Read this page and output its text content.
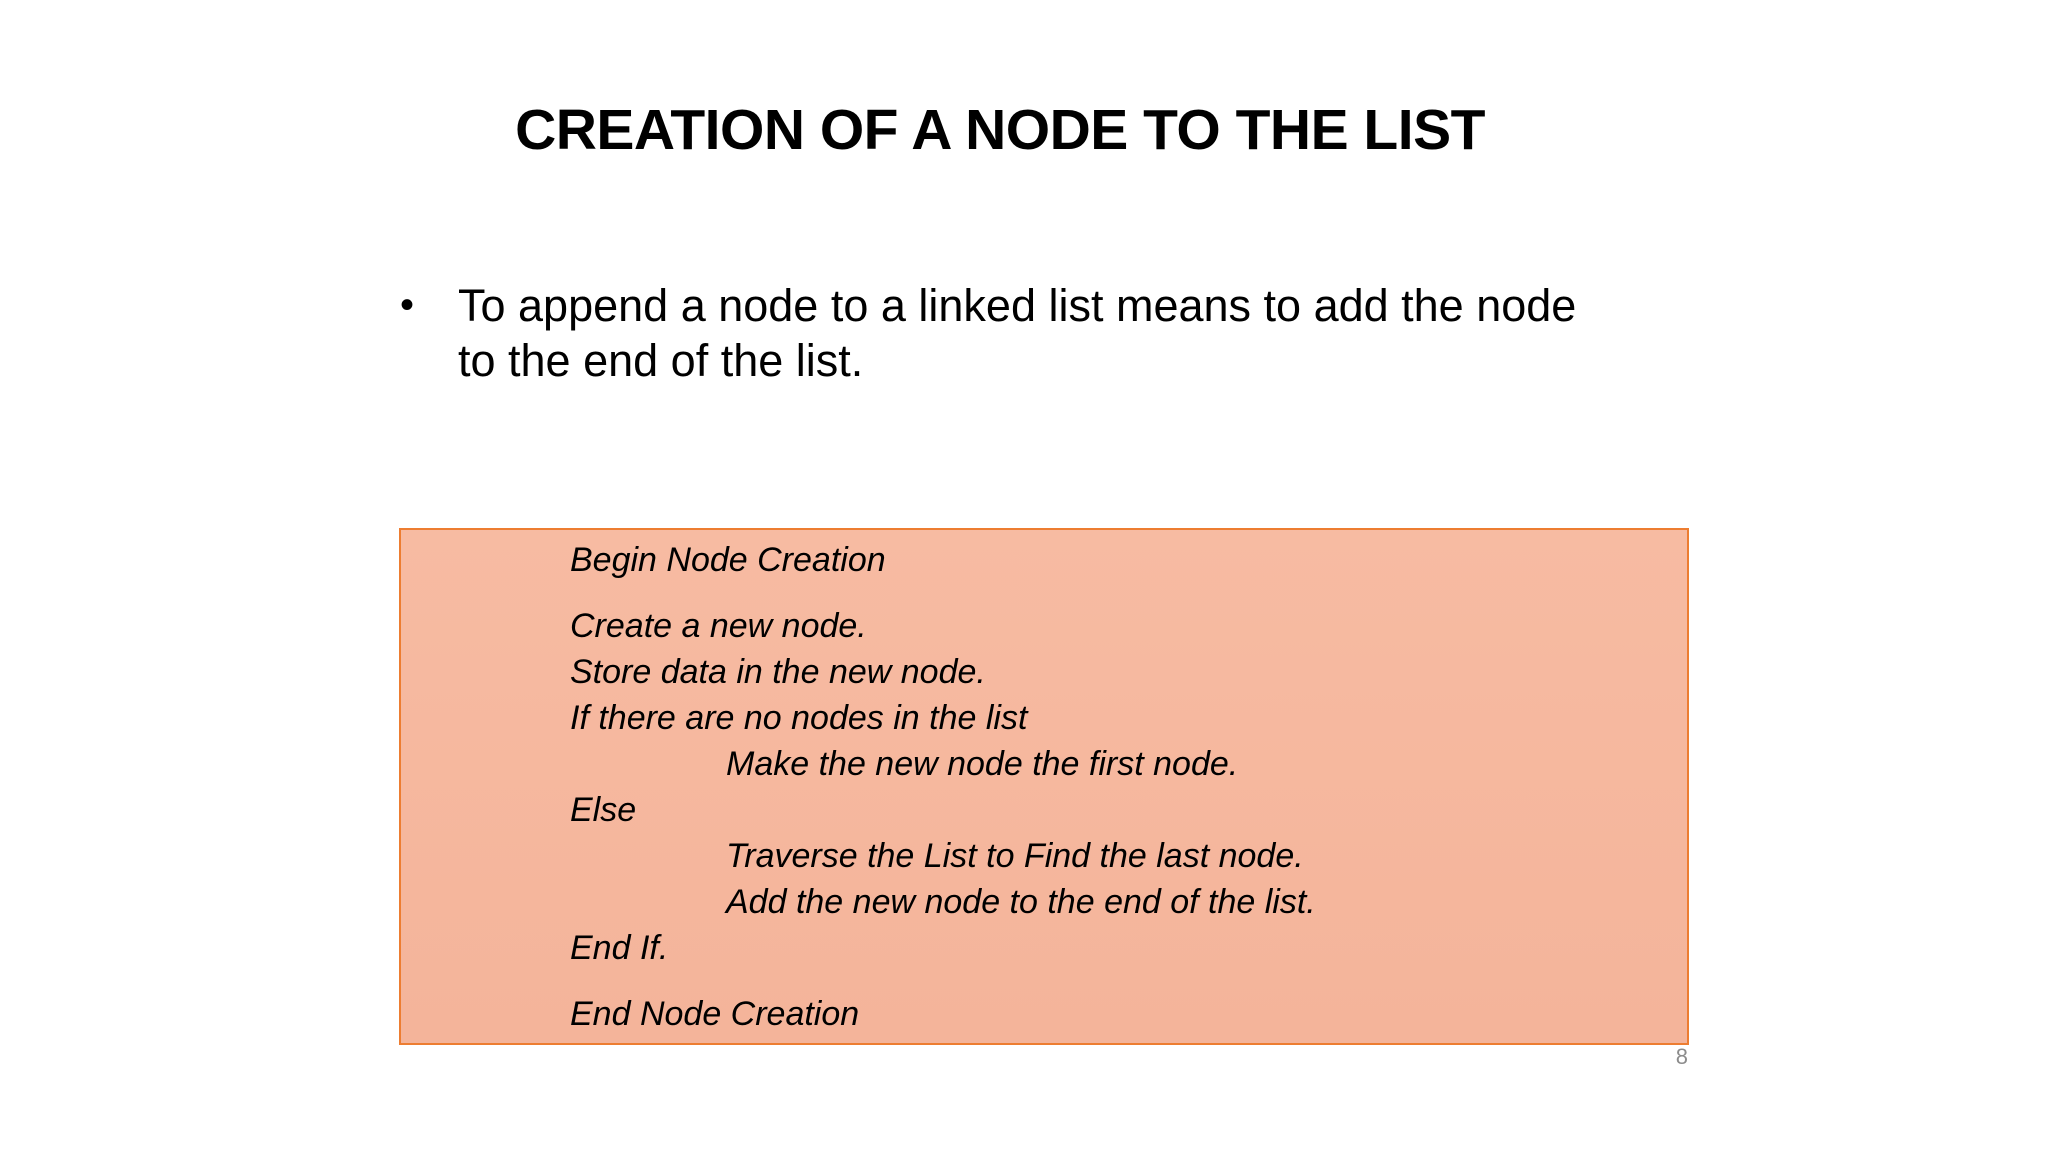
CREATION OF A NODE TO THE LIST
• To append a node to a linked list means to add the node
to the end of the list.
Begin Node Creation
Create a new node.
Store data in the new node.
If there are no nodes in the list
Make the new node the first node.
Else
Traverse the List to Find the last node.
Add the new node to the end of the list.
End If.
End Node Creation
8
